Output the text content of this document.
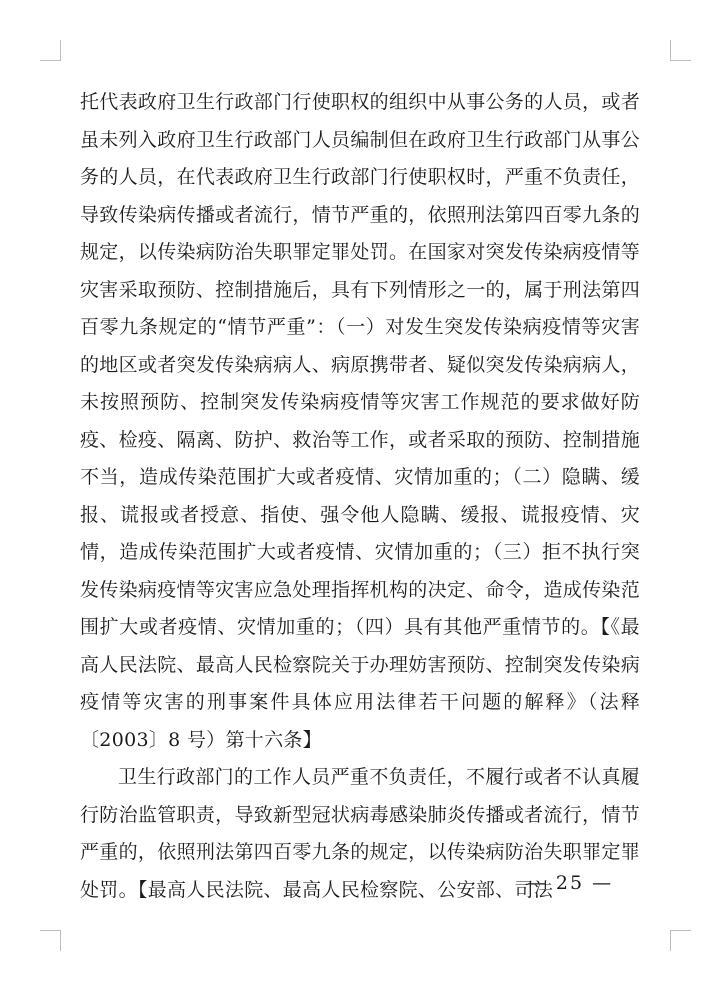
托代表政府卫生行政部门行使职权的组织中从事公务的人员，或者虽未列入政府卫生行政部门人员编制但在政府卫生行政部门从事公务的人员，在代表政府卫生行政部门行使职权时，严重不负责任，导致传染病传播或者流行，情节严重的，依照刑法第四百零九条的规定，以传染病防治失职罪定罪处罚。在国家对突发传染病疫情等灾害采取预防、控制措施后，具有下列情形之一的，属于刑法第四百零九条规定的“情节严重”：（一）对发生突发传染病疫情等灾害的地区或者突发传染病病人、病原携带者、疑似突发传染病病人，未按照预防、控制突发传染病疫情等灾害工作规范的要求做好防疫、检疫、隔离、防护、救治等工作，或者采取的预防、控制措施不当，造成传染范围扩大或者疫情、灾情加重的；（二）隐瞒、缓报、谎报或者授意、指使、强令他人隐瞒、缓报、谎报疫情、灾情，造成传染范围扩大或者疫情、灾情加重的；（三）拒不执行突发传染病疫情等灾害应急处理指挥机构的决定、命令，造成传染范围扩大或者疫情、灾情加重的；（四）具有其他严重情节的。【《最高人民法院、最高人民检察院关于办理妨害预防、控制突发传染病疫情等灾害的刑事案件具体应用法律若干问题的解释》（法释〔2003〕8 号）第十六条】

卫生行政部门的工作人员严重不负责任，不履行或者不认真履行防治监管职责，导致新型冠状病毒感染肺炎传播或者流行，情节严重的，依照刑法第四百零九条的规定，以传染病防治失职罪定罪处罚。【最高人民法院、最高人民检察院、公安部、司法

— 25 —
